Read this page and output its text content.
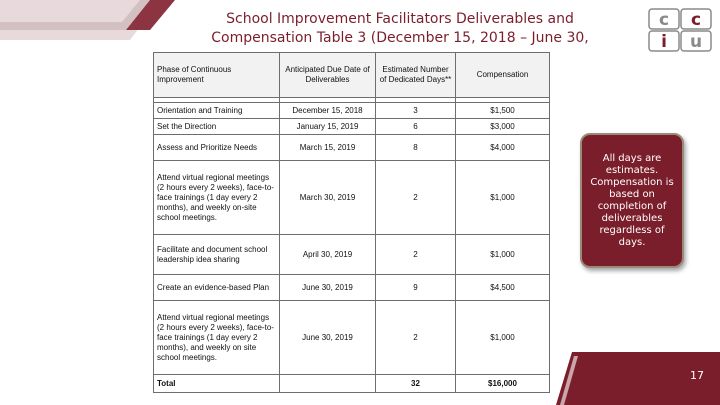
School Improvement Facilitators Deliverables and
Compensation Table 3 (December 15, 2018 – June 30,
c c
i u
Phase of Continuous Improvement	Anticipated Due Date of Deliverables	Estimated Number of Dedicated Days**	Compensation

Orientation and Training	December 15, 2018	3	$1,500
Set the Direction	January 15, 2019	6	$3,000
Assess and Prioritize Needs	March 15, 2019	8	$4,000
Attend virtual regional meetings (2 hours every 2 weeks), face-to-face trainings (1 day every 2 months), and weekly on-site school meetings.	March 30, 2019	2	$1,000
Facilitate and document school leadership idea sharing	April 30, 2019	2	$1,000
Create an evidence-based Plan	June 30, 2019	9	$4,500
Attend virtual regional meetings (2 hours every 2 weeks), face-to-face trainings (1 day every 2 months), and weekly on site school meetings.	June 30, 2019	2	$1,000
Total		32	$16,000
All days are estimates. Compensation is based on completion of deliverables regardless of days.
17
